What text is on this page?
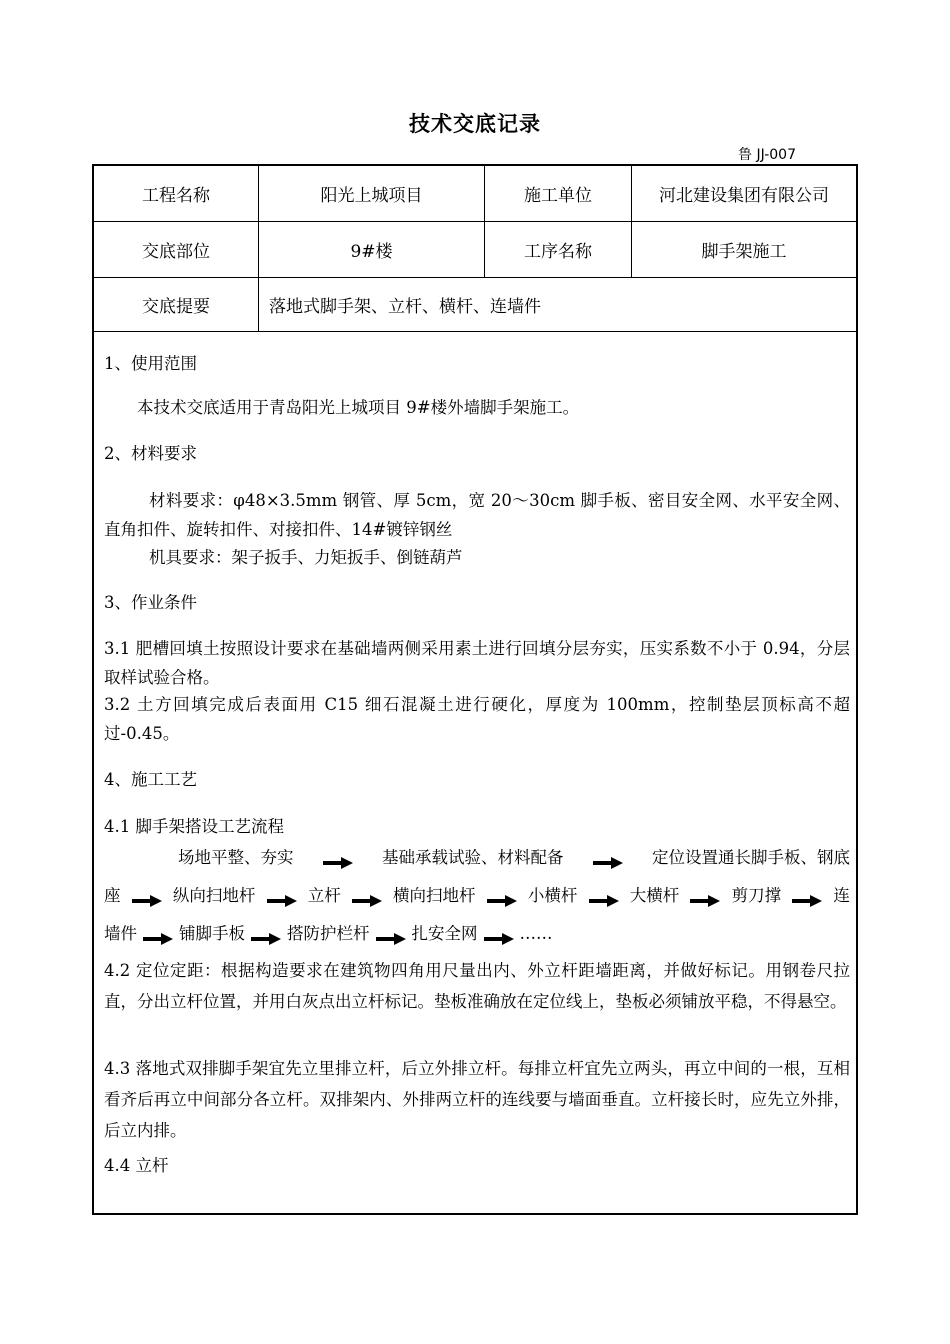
技术交底记录
鲁 JJ-007
工程名称	阳光上城项目	施工单位	河北建设集团有限公司
交底部位	9#楼	工序名称	脚手架施工
交底提要	落地式脚手架、立杆、横杆、连墙件
1、使用范围
本技术交底适用于青岛阳光上城项目 9#楼外墙脚手架施工。
2、材料要求
材料要求：φ48×3.5mm 钢管、厚 5cm，宽 20～30cm 脚手板、密目安全网、水平安全网、直角扣件、旋转扣件、对接扣件、14#镀锌钢丝
机具要求：架子扳手、力矩扳手、倒链葫芦
3、作业条件
3.1 肥槽回填土按照设计要求在基础墙两侧采用素土进行回填分层夯实，压实系数不小于 0.94，分层取样试验合格。
3.2 土方回填完成后表面用 C15 细石混凝土进行硬化，厚度为 100mm，控制垫层顶标高不超过-0.45。
4、施工工艺
4.1 脚手架搭设工艺流程
场地平整、夯实	基础承载试验、材料配备	定位设置通长脚手板、钢底
座	纵向扫地杆	立杆	横向扫地杆	小横杆	大横杆	剪刀撑	连
墙件	铺脚手板	搭防护栏杆	扎安全网	……
4.2 定位定距：根据构造要求在建筑物四角用尺量出内、外立杆距墙距离，并做好标记。用钢卷尺拉直，分出立杆位置，并用白灰点出立杆标记。垫板准确放在定位线上，垫板必须铺放平稳，不得悬空。
4.3 落地式双排脚手架宜先立里排立杆，后立外排立杆。每排立杆宜先立两头，再立中间的一根，互相看齐后再立中间部分各立杆。双排架内、外排两立杆的连线要与墙面垂直。立杆接长时，应先立外排，后立内排。
4.4 立杆
